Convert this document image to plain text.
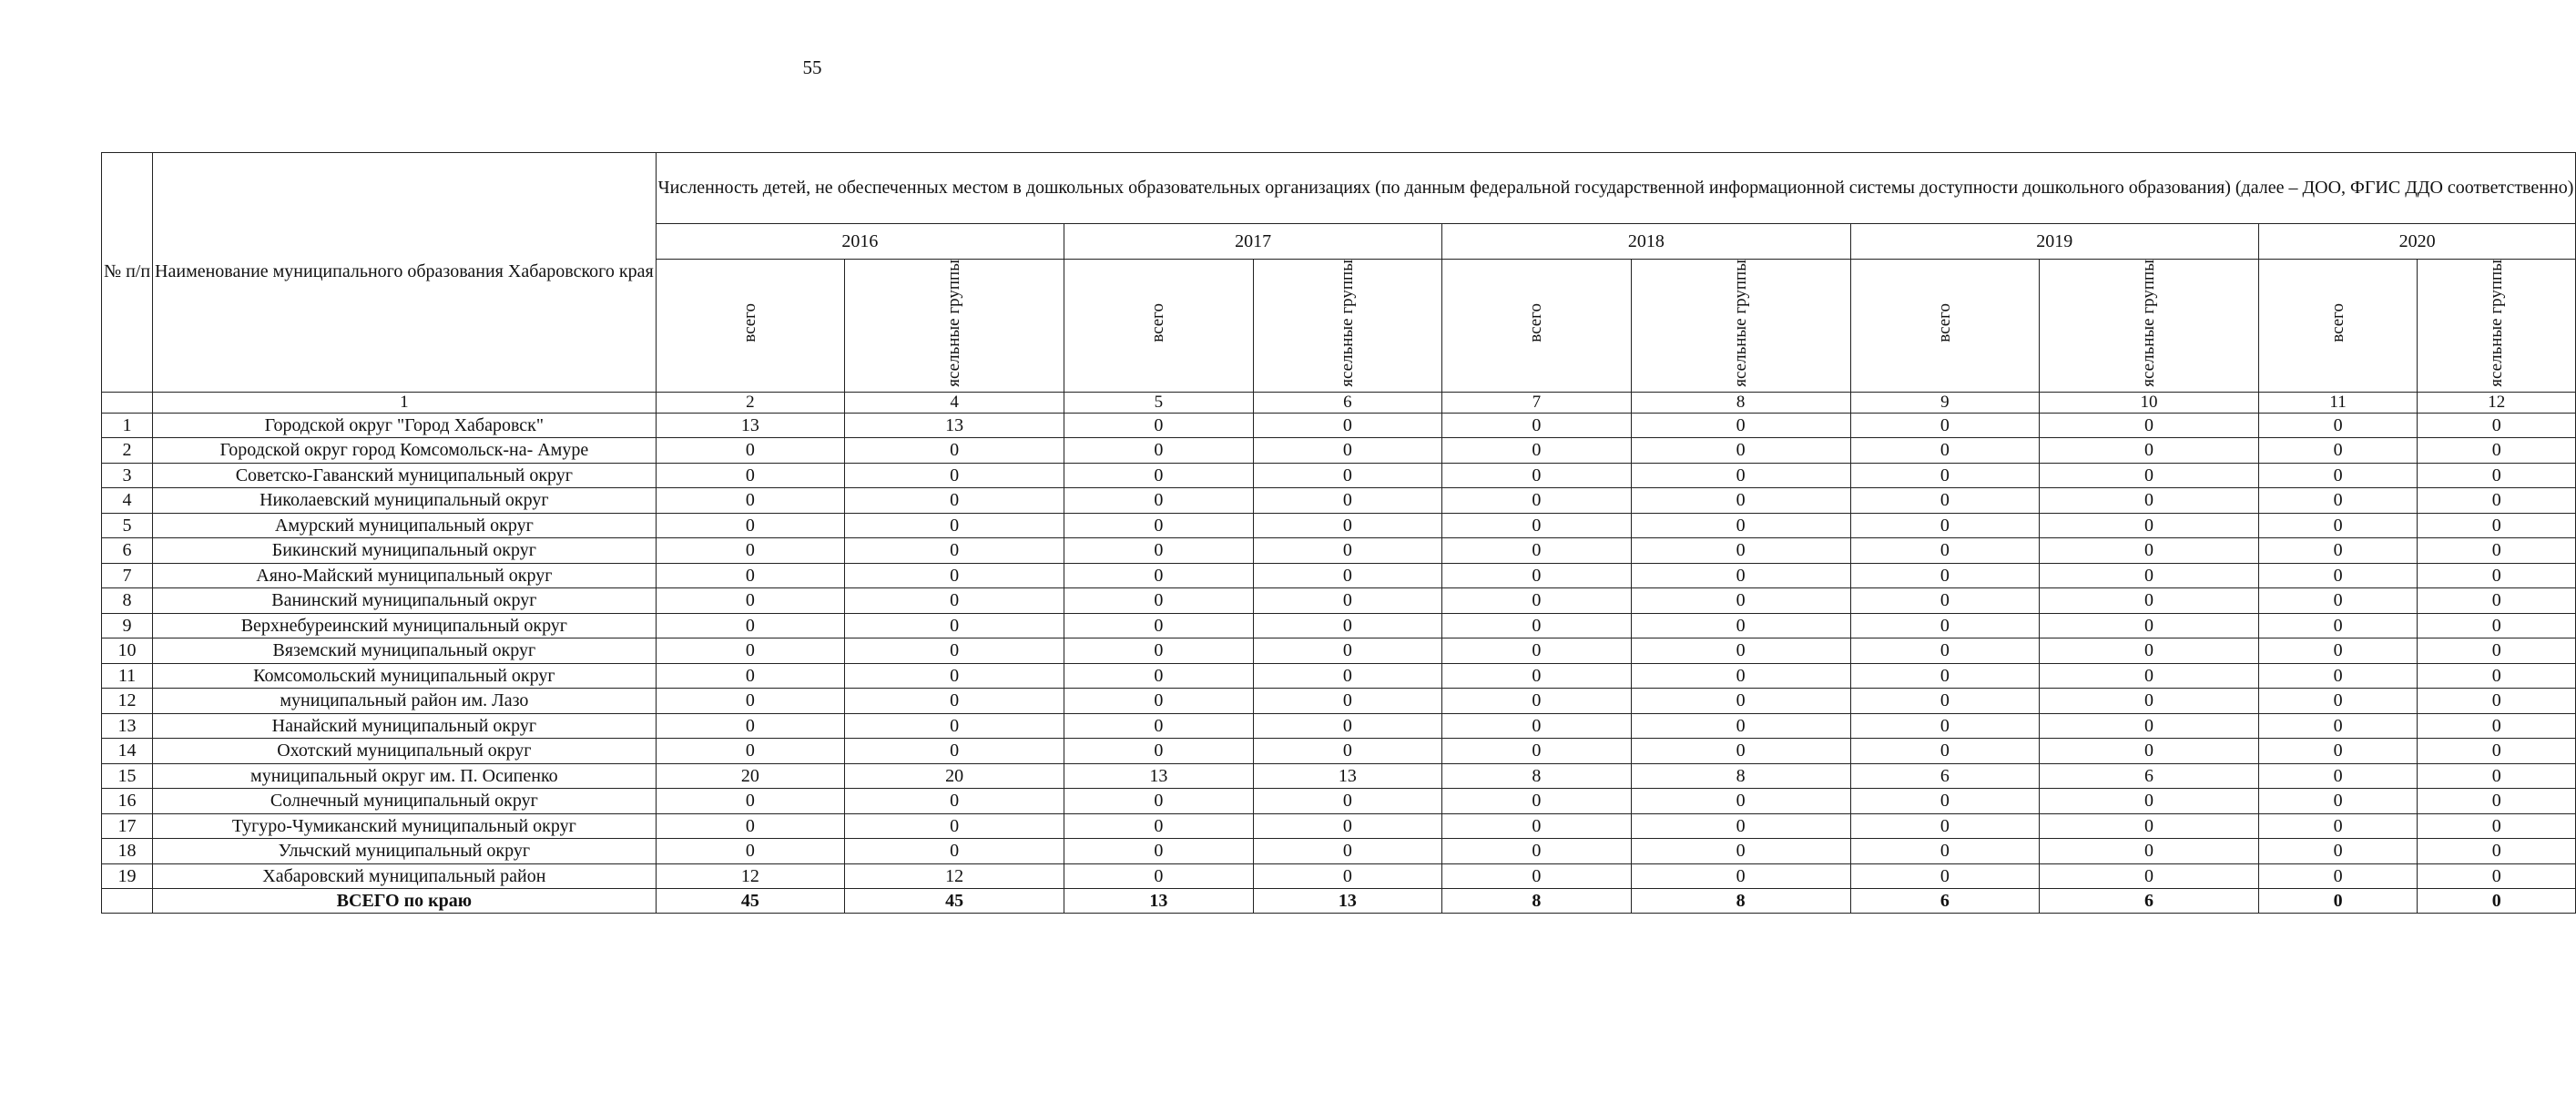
55
№ п/п	Наименование муниципального образования Хабаровского края	Численность детей, не обеспеченных местом в дошкольных образовательных организациях (по данным федеральной государственной информационной системы доступности дошкольного образования) (далее – ДОО, ФГИС ДДО соответственно)									
		2016		2017		2018		2019		2020	
		всего	ясельные группы	всего	ясельные группы	всего	ясельные группы	всего	ясельные группы	всего	ясельные группы
	1	2	4	5	6	7	8	9	10	11	12
1	Городской округ "Город Хабаровск"	13	13	0	0	0	0	0	0	0	0
2	Городской округ город Комсомольск-на- Амуре	0	0	0	0	0	0	0	0	0	0
3	Советско-Гаванский муниципальный округ	0	0	0	0	0	0	0	0	0	0
4	Николаевский муниципальный округ	0	0	0	0	0	0	0	0	0	0
5	Амурский муниципальный округ	0	0	0	0	0	0	0	0	0	0
6	Бикинский муниципальный округ	0	0	0	0	0	0	0	0	0	0
7	Аяно-Майский муниципальный округ	0	0	0	0	0	0	0	0	0	0
8	Ванинский муниципальный округ	0	0	0	0	0	0	0	0	0	0
9	Верхнебуреинский муниципальный округ	0	0	0	0	0	0	0	0	0	0
10	Вяземский муниципальный округ	0	0	0	0	0	0	0	0	0	0
11	Комсомольский муниципальный округ	0	0	0	0	0	0	0	0	0	0
12	муниципальный район им. Лазо	0	0	0	0	0	0	0	0	0	0
13	Нанайский муниципальный округ	0	0	0	0	0	0	0	0	0	0
14	Охотский муниципальный округ	0	0	0	0	0	0	0	0	0	0
15	муниципальный округ им. П. Осипенко	20	20	13	13	8	8	6	6	0	0
16	Солнечный муниципальный округ	0	0	0	0	0	0	0	0	0	0
17	Тугуро-Чумиканский муниципальный округ	0	0	0	0	0	0	0	0	0	0
18	Ульчский муниципальный округ	0	0	0	0	0	0	0	0	0	0
19	Хабаровский муниципальный район	12	12	0	0	0	0	0	0	0	0
	ВСЕГО по краю	45	45	13	13	8	8	6	6	0	0
